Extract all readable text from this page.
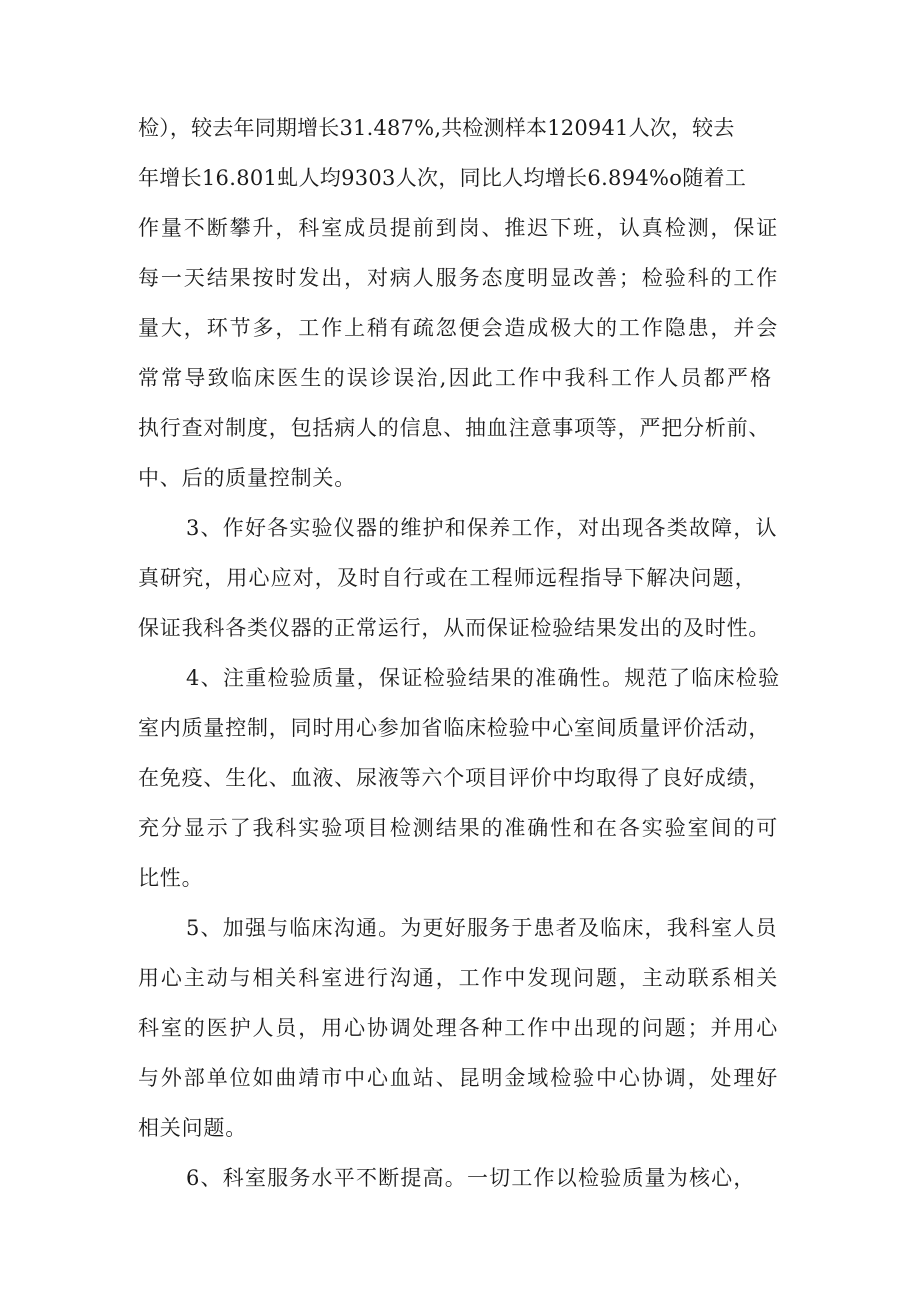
检），较去年同期增长31.487%,共检测样本120941人次，较去
年增长16.801虬人均9303人次，同比人均增长6.894%o随着工
作量不断攀升，科室成员提前到岗、推迟下班，认真检测，保证
每一天结果按时发出，对病人服务态度明显改善；检验科的工作
量大，环节多，工作上稍有疏忽便会造成极大的工作隐患，并会
常常导致临床医生的误诊误治,因此工作中我科工作人员都严格
执行查对制度，包括病人的信息、抽血注意事项等，严把分析前、
中、后的质量控制关。
3、作好各实验仪器的维护和保养工作，对出现各类故障，认
真研究，用心应对，及时自行或在工程师远程指导下解决问题，
保证我科各类仪器的正常运行，从而保证检验结果发出的及时性。
4、注重检验质量，保证检验结果的准确性。规范了临床检验
室内质量控制，同时用心参加省临床检验中心室间质量评价活动，
在免疫、生化、血液、尿液等六个项目评价中均取得了良好成绩，
充分显示了我科实验项目检测结果的准确性和在各实验室间的可
比性。
5、加强与临床沟通。为更好服务于患者及临床，我科室人员
用心主动与相关科室进行沟通，工作中发现问题，主动联系相关
科室的医护人员，用心协调处理各种工作中出现的问题；并用心
与外部单位如曲靖市中心血站、昆明金域检验中心协调，处理好
相关问题。
6、科室服务水平不断提高。一切工作以检验质量为核心，
